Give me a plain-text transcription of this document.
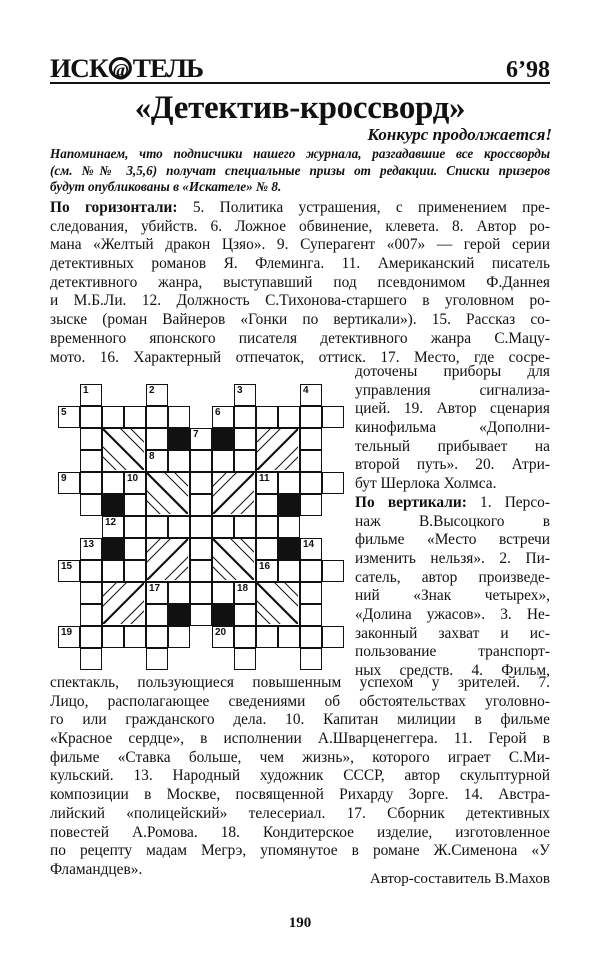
ИСК @ ТЕЛЬ	6’98
«Детектив-кроссворд»
Конкурс продолжается!
Напоминаем, что подписчики нашего журнала, разгадавшие все кроссворды
(см. №№ 3,5,6) получат специальные призы от редакции. Списки призеров
будут опубликованы в «Искателе» № 8.
По горизонтали: 5. Политика устрашения, с применением пре-
следования, убийств. 6. Ложное обвинение, клевета. 8. Автор ро-
мана «Желтый дракон Цзяо». 9. Суперагент «007» — герой серии
детективных романов Я. Флеминга. 11. Американский писатель
детективного жанра, выступавший под псевдонимом Ф.Даннея
и М.Б.Ли. 12. Должность С.Тихонова-старшего в уголовном ро-
зыске (роман Вайнеров «Гонки по вертикали»). 15. Рассказ со-
временного японского писателя детективного жанра С.Мацу-
мото. 16. Характерный отпечаток, оттиск. 17. Место, где сосре-
доточены приборы для
управления сигнализа-
цией. 19. Автор сценария
кинофильма «Дополни-
тельный прибывает на
второй путь». 20. Атри-
бут Шерлока Холмса.
По вертикали: 1. Персо-
наж В.Высоцкого в
фильме «Место встречи
изменить нельзя». 2. Пи-
сатель, автор произведе-
ний «Знак четырех»,
«Долина ужасов». 3. Не-
законный захват и ис-
пользование транспорт-
ных средств. 4. Фильм,
спектакль, пользующиеся повышенным успехом у зрителей. 7.
Лицо, располагающее сведениями об обстоятельствах уголовно-
го или гражданского дела. 10. Капитан милиции в фильме
«Красное сердце», в исполнении А.Шварценеггера. 11. Герой в
фильме «Ставка больше, чем жизнь», которого играет С.Ми-
кульский. 13. Народный художник СССР, автор скульптурной
композиции в Москве, посвященной Рихарду Зорге. 14. Австра-
лийский «полицейский» телесериал. 17. Сборник детективных
повестей А.Ромова. 18. Кондитерское изделие, изготовленное
по рецепту мадам Мегрэ, упомянутое в романе Ж.Сименона «У
Фламандцев».
Автор-составитель В.Махов
190
1	2	3	4
5	6
7
8
9	10	11
12
13	14
15	16
17	18
19	20
